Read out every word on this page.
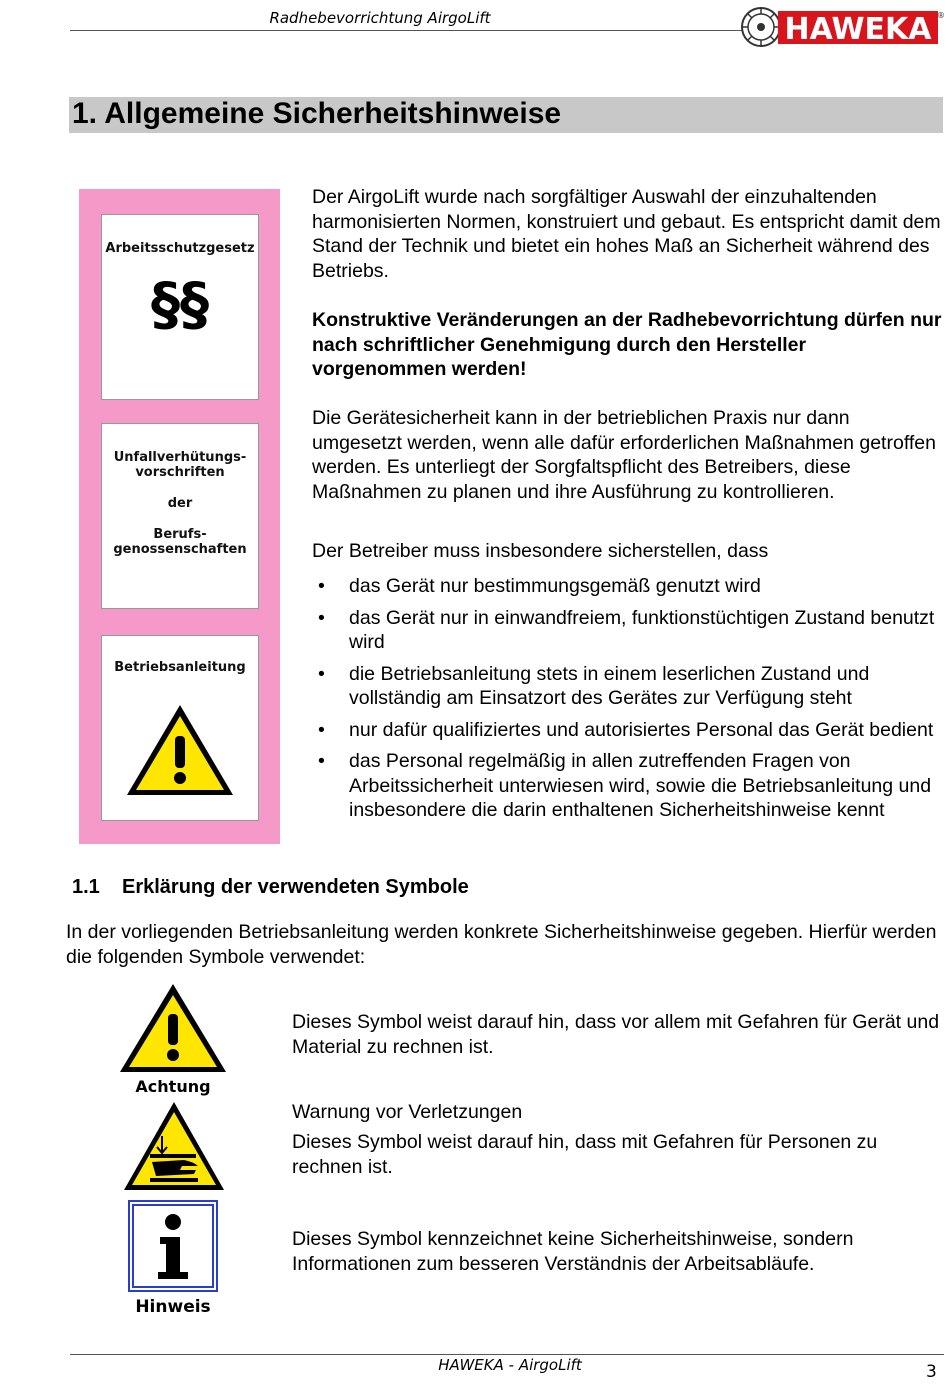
Radhebevorrichtung AirgoLift	HAWEKA ®
1. Allgemeine Sicherheitshinweise
Arbeitsschutzgesetz
§§
Unfallverhütungs-
vorschriften
der
Berufs-
genossenschaften
Betriebsanleitung
Der AirgoLift wurde nach sorgfältiger Auswahl der einzuhaltenden harmonisierten Normen, konstruiert und gebaut. Es entspricht damit dem Stand der Technik und bietet ein hohes Maß an Sicherheit während des Betriebs.
Konstruktive Veränderungen an der Radhebevorrichtung dürfen nur nach schriftlicher Genehmigung durch den Hersteller vorgenommen werden!
Die Gerätesicherheit kann in der betrieblichen Praxis nur dann umgesetzt werden, wenn alle dafür erforderlichen Maßnahmen getroffen werden. Es unterliegt der Sorgfaltspflicht des Betreibers, diese Maßnahmen zu planen und ihre Ausführung zu kontrollieren.
Der Betreiber muss insbesondere sicherstellen, dass
• das Gerät nur bestimmungsgemäß genutzt wird
• das Gerät nur in einwandfreiem, funktionstüchtigen Zustand benutzt wird
• die Betriebsanleitung stets in einem leserlichen Zustand und vollständig am Einsatzort des Gerätes zur Verfügung steht
• nur dafür qualifiziertes und autorisiertes Personal das Gerät bedient
• das Personal regelmäßig in allen zutreffenden Fragen von Arbeitssicherheit unterwiesen wird, sowie die Betriebsanleitung und insbesondere die darin enthaltenen Sicherheitshinweise kennt
1.1 Erklärung der verwendeten Symbole
In der vorliegenden Betriebsanleitung werden konkrete Sicherheitshinweise gegeben. Hierfür werden die folgenden Symbole verwendet:
Achtung
Dieses Symbol weist darauf hin, dass vor allem mit Gefahren für Gerät und Material zu rechnen ist.
Warnung vor Verletzungen
Dieses Symbol weist darauf hin, dass mit Gefahren für Personen zu rechnen ist.
Hinweis
Dieses Symbol kennzeichnet keine Sicherheitshinweise, sondern Informationen zum besseren Verständnis der Arbeitsabläufe.
HAWEKA - AirgoLift	3
